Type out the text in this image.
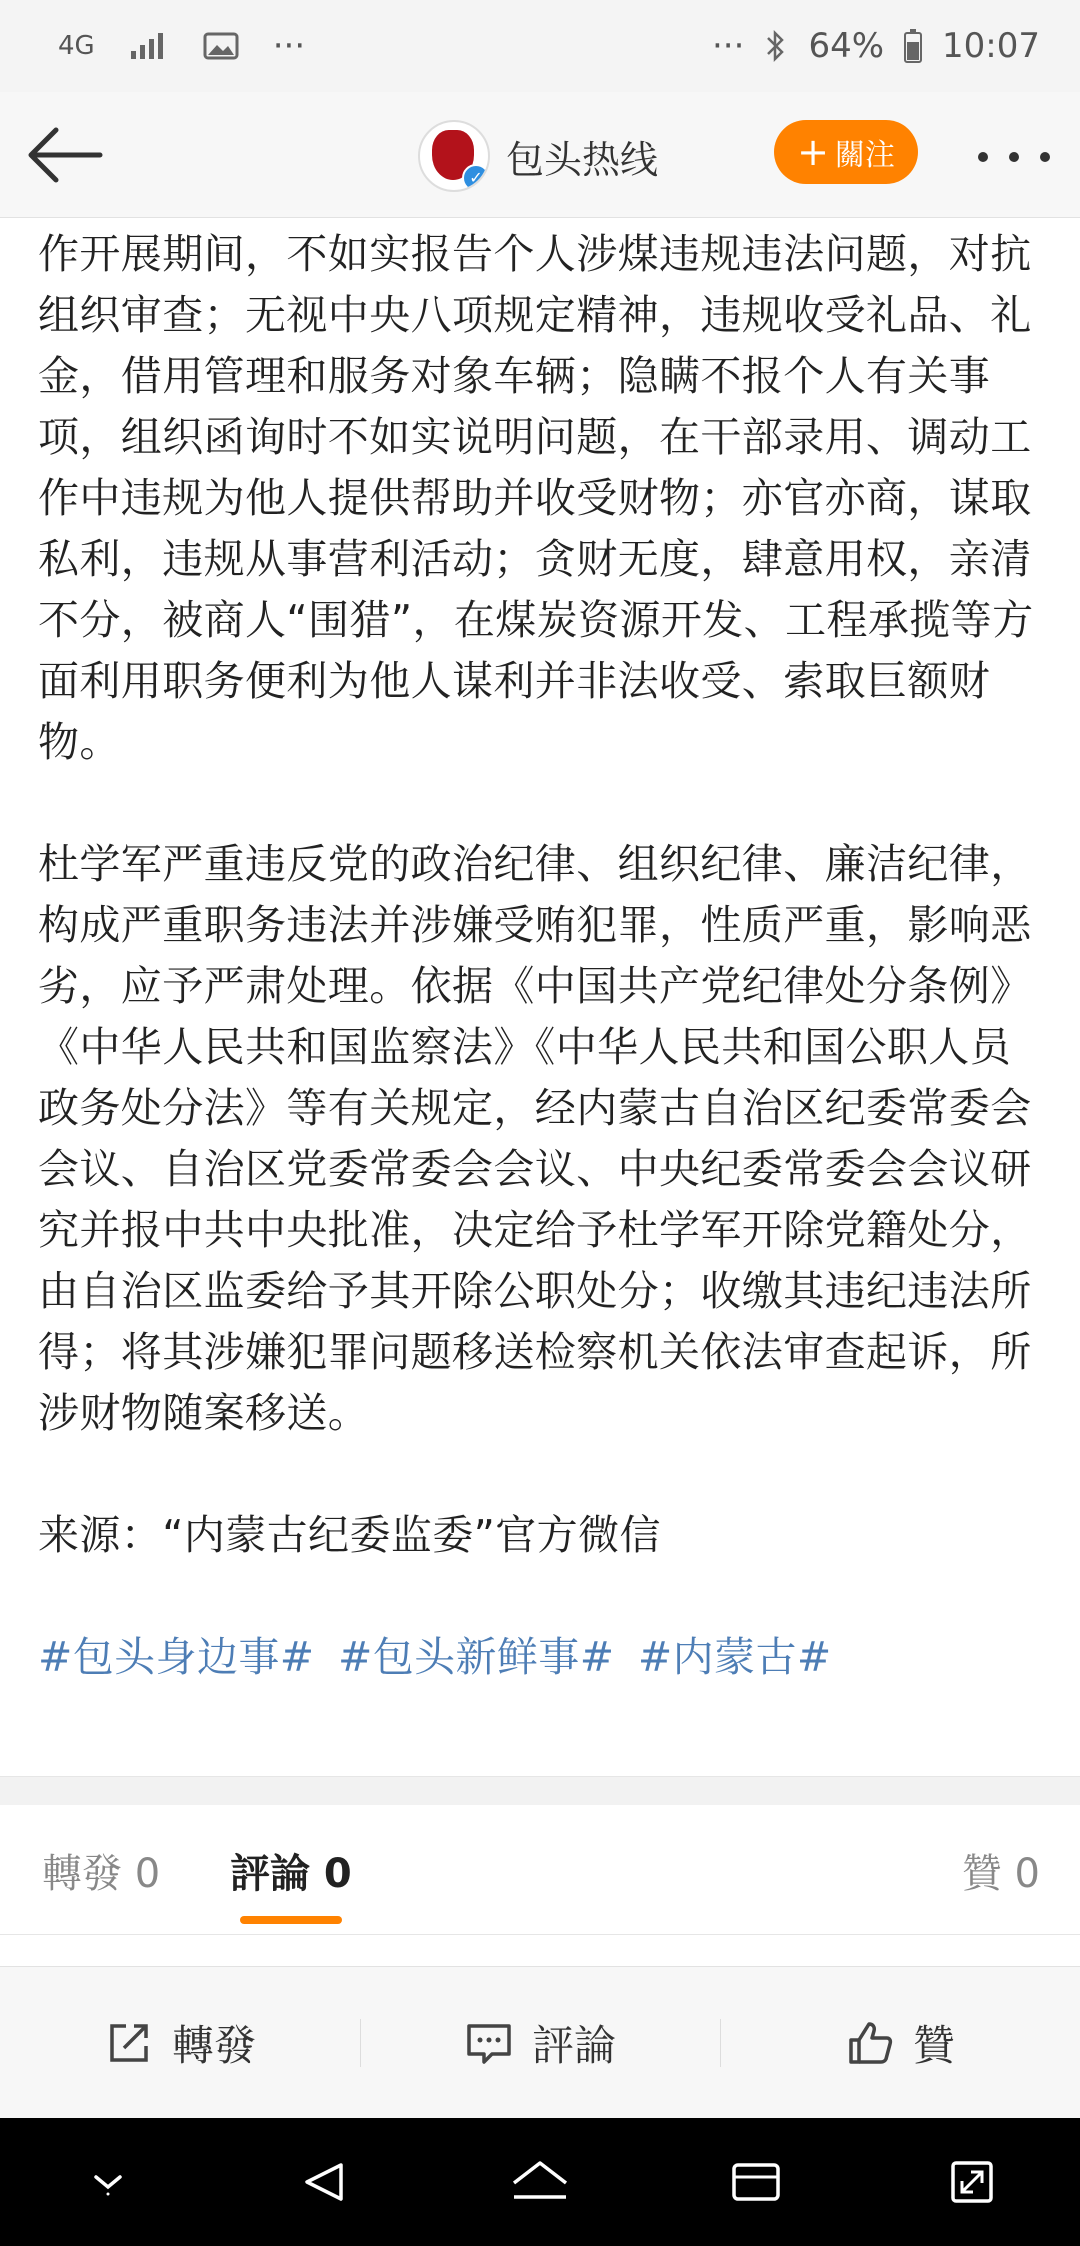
4G	···	··· 64% 10:07
✓ 包头热线	+ 關注

作开展期间，不如实报告个人涉煤违规违法问题，对抗组织审查；无视中央八项规定精神，违规收受礼品、礼金，借用管理和服务对象车辆；隐瞒不报个人有关事项，组织函询时不如实说明问题，在干部录用、调动工作中违规为他人提供帮助并收受财物；亦官亦商，谋取私利，违规从事营利活动；贪财无度，肆意用权，亲清不分，被商人“围猎”，在煤炭资源开发、工程承揽等方面利用职务便利为他人谋利并非法收受、索取巨额财物。

杜学军严重违反党的政治纪律、组织纪律、廉洁纪律，构成严重职务违法并涉嫌受贿犯罪，性质严重，影响恶劣，应予严肃处理。依据《中国共产党纪律处分条例》《中华人民共和国监察法》《中华人民共和国公职人员政务处分法》等有关规定，经内蒙古自治区纪委常委会会议、自治区党委常委会会议、中央纪委常委会会议研究并报中共中央批准，决定给予杜学军开除党籍处分，由自治区监委给予其开除公职处分；收缴其违纪违法所得；将其涉嫌犯罪问题移送检察机关依法审查起诉，所涉财物随案移送。

来源：“内蒙古纪委监委”官方微信

#包头身边事# #包头新鲜事# #内蒙古#

轉發 0 評論 0	贊 0
轉發	評論	贊
